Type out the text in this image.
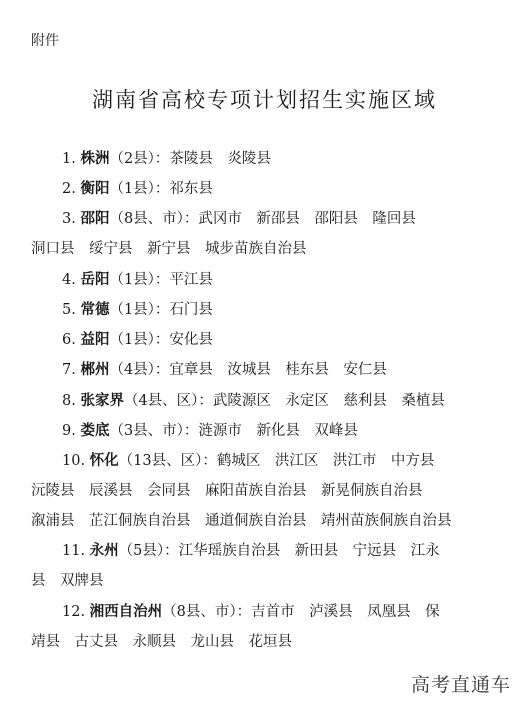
附件
湖南省高校专项计划招生实施区域
1. 株洲（2县）：茶陵县　炎陵县
2. 衡阳（1县）：祁东县
3. 邵阳（8县、市）：武冈市　新邵县　邵阳县　隆回县
洞口县　绥宁县　新宁县　城步苗族自治县
4. 岳阳（1县）：平江县
5. 常德（1县）：石门县
6. 益阳（1县）：安化县
7. 郴州（4县）：宜章县　汝城县　桂东县　安仁县
8. 张家界（4县、区）：武陵源区　永定区　慈利县　桑植县
9. 娄底（3县、市）：涟源市　新化县　双峰县
10. 怀化（13县、区）：鹤城区　洪江区　洪江市　中方县
沅陵县　辰溪县　会同县　麻阳苗族自治县　新晃侗族自治县
溆浦县　芷江侗族自治县　通道侗族自治县　靖州苗族侗族自治县
11. 永州（5县）：江华瑶族自治县　新田县　宁远县　江永
县　双牌县
12. 湘西自治州（8县、市）：吉首市　泸溪县　凤凰县　保
靖县　古丈县　永顺县　龙山县　花垣县
高考直通车
